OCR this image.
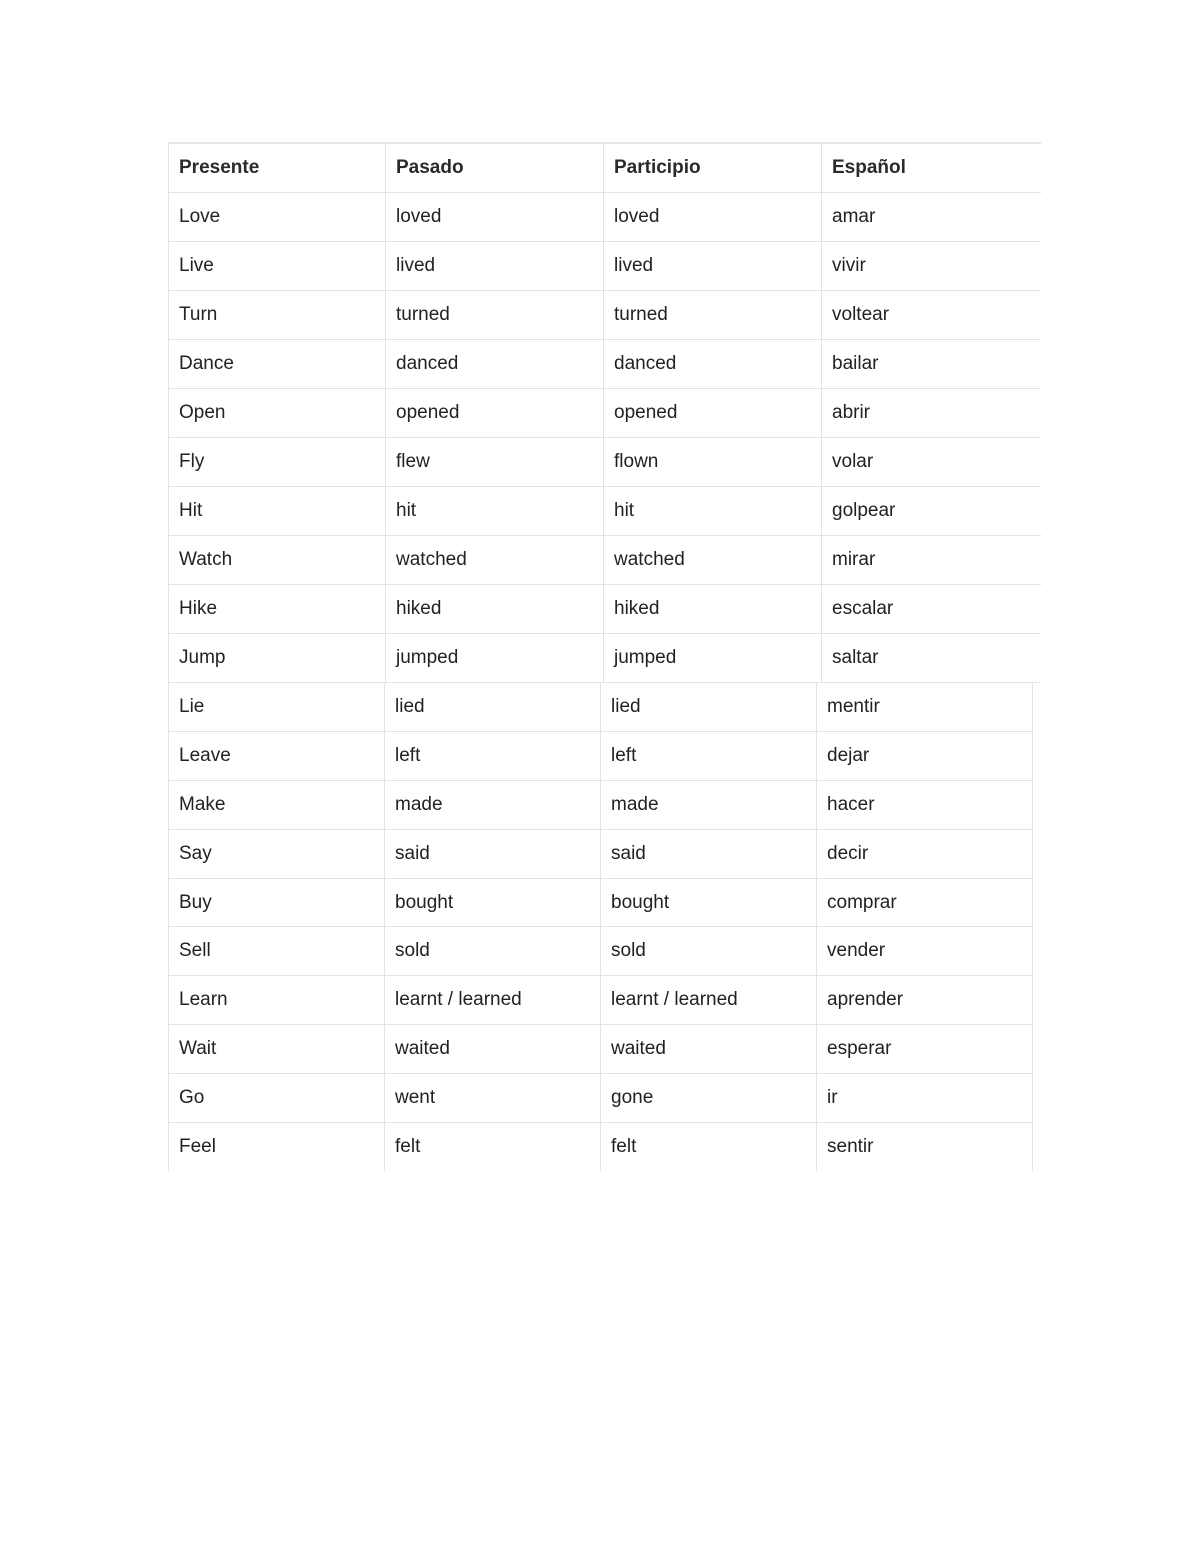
Presente	Pasado	Participio	Español
Love	loved	loved	amar
Live	lived	lived	vivir
Turn	turned	turned	voltear
Dance	danced	danced	bailar
Open	opened	opened	abrir
Fly	flew	flown	volar
Hit	hit	hit	golpear
Watch	watched	watched	mirar
Hike	hiked	hiked	escalar
Jump	jumped	jumped	saltar
Lie	lied	lied	mentir
Leave	left	left	dejar
Make	made	made	hacer
Say	said	said	decir
Buy	bought	bought	comprar
Sell	sold	sold	vender
Learn	learnt / learned	learnt / learned	aprender
Wait	waited	waited	esperar
Go	went	gone	ir
Feel	felt	felt	sentir
